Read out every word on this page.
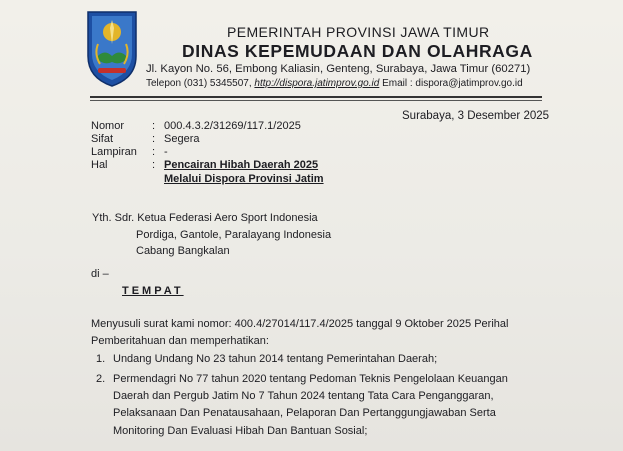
PEMERINTAH PROVINSI JAWA TIMUR
DINAS KEPEMUDAAN DAN OLAHRAGA
Jl. Kayon No. 56, Embong Kaliasin, Genteng, Surabaya, Jawa Timur (60271)
Telepon (031) 5345507, http://dispora.jatimprov.go.id Email : dispora@jatimprov.go.id
Surabaya, 3 Desember 2025
Nomor	: 000.4.3.2/31269/117.1/2025
Sifat	: Segera
Lampiran : -
Hal	: Pencairan Hibah Daerah 2025
Melalui Dispora Provinsi Jatim
Yth. Sdr. Ketua Federasi Aero Sport Indonesia
Pordiga, Gantole, Paralayang Indonesia
Cabang Bangkalan
di –
TEMPAT
Menyusuli surat kami nomor: 400.4/27014/117.4/2025 tanggal 9 Oktober 2025 Perihal
Pemberitahuan dan memperhatikan:
1. Undang Undang No 23 tahun 2014 tentang Pemerintahan Daerah;
2. Permendagri No 77 tahun 2020 tentang Pedoman Teknis Pengelolaan Keuangan
Daerah dan Pergub Jatim No 7 Tahun 2024 tentang Tata Cara Penganggaran,
Pelaksanaan Dan Penatausahaan, Pelaporan Dan Pertanggungjawaban Serta
Monitoring Dan Evaluasi Hibah Dan Bantuan Sosial;
